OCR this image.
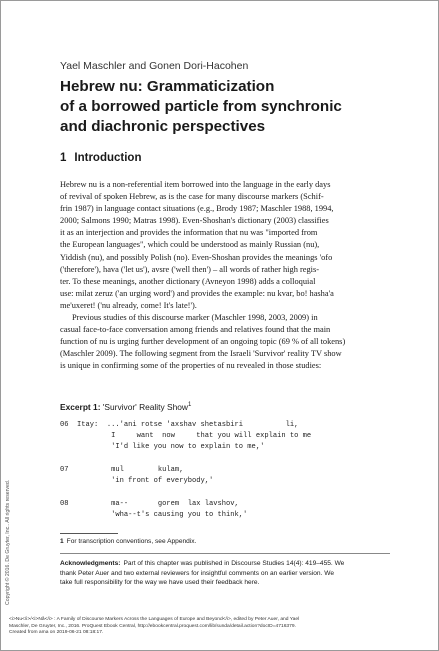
Yael Maschler and Gonen Dori-Hacohen
Hebrew nu: Grammaticization
of a borrowed particle from synchronic
and diachronic perspectives
1 Introduction
Hebrew nu is a non-referential item borrowed into the language in the early days
of revival of spoken Hebrew, as is the case for many discourse markers (Schif-
frin 1987) in language contact situations (e.g., Brody 1987; Maschler 1988, 1994,
2000; Salmons 1990; Matras 1998). Even-Shoshan's dictionary (2003) classifies
it as an interjection and provides the information that nu was "imported from
the European languages", which could be understood as mainly Russian (nu),
Yiddish (nu), and possibly Polish (no). Even-Shoshan provides the meanings 'ofo
('therefore'), hava ('let us'), avsre ('well then') – all words of rather high regis-
ter. To these meanings, another dictionary (Avneyon 1998) adds a colloquial
use: milat zeruz ('an urging word') and provides the example: nu kvar, bo! hasha'a
me'uxeret! ('nu already, come! It's late!').
Previous studies of this discourse marker (Maschler 1998, 2003, 2009) in
casual face-to-face conversation among friends and relatives found that the main
function of nu is urging further development of an ongoing topic (69 % of all tokens)
(Maschler 2009). The following segment from the Israeli 'Survivor' reality TV show
is unique in confirming some of the properties of nu revealed in those studies:
Excerpt 1: 'Survivor' Reality Show$^1$
06  Itay:  ...'ani rotse 'axshav shetasbiri          li,
I     want  now     that you will explain to me
'I'd like you now to explain to me,'
07          mul        kulam,
'in front of everybody,'
08          ma--       gorem  lax lavshov,
'wha--t's causing you to think,'
1 For transcription conventions, see Appendix.
Acknowledgments: Part of this chapter was published in Discourse Studies 14(4): 419–455. We
thank Peter Auer and two external reviewers for insightful comments on an earlier version. We
take full responsibility for the way we have used their feedback here.
Copyright © 2016. De Gruyter, Inc.. All rights reserved.
<i>Nu</i>/<i>Nå</i> : A Family of Discourse Markers Across the Languages of Europe and Beyond</i>, edited by Peter Auer, and Yael
Maschler, De Gruyter, Inc., 2016. ProQuest Ebook Central, http://ebookcentral.proquest.com/lib/sunda/detail.action?docID=4716379.
Created from ama on 2019-06-21 08:18:17.
